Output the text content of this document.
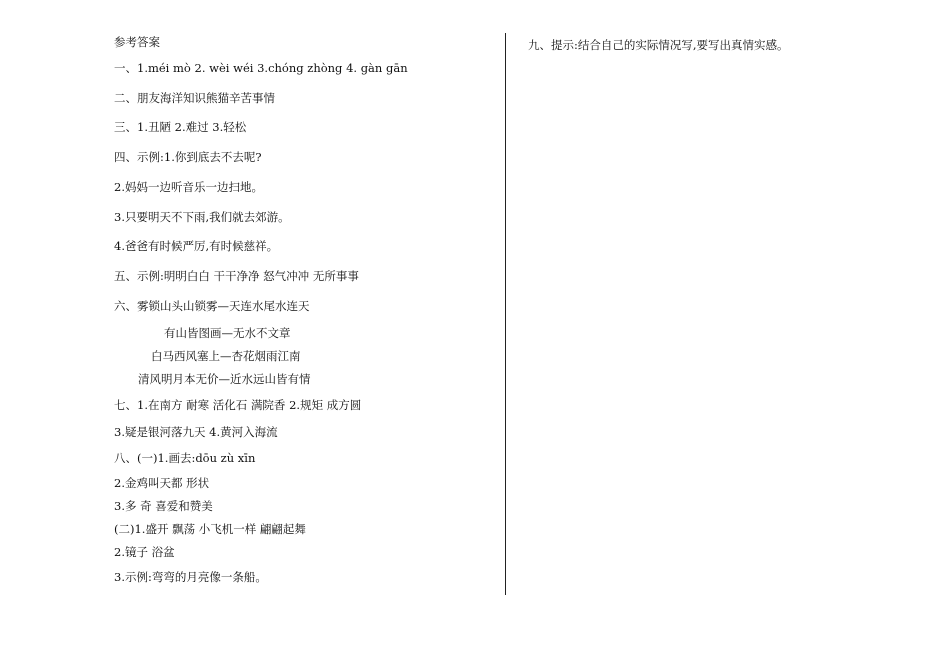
参考答案
一、1.méi mò 2. wèi wéi 3.chóng zhòng 4. gàn gān
二、朋友海洋知识熊猫辛苦事情
三、1.丑陋 2.难过 3.轻松
四、示例:1.你到底去不去呢?
2.妈妈一边听音乐一边扫地。
3.只要明天不下雨,我们就去郊游。
4.爸爸有时候严厉,有时候慈祥。
五、示例:明明白白 干干净净 怒气冲冲 无所事事
六、雾锁山头山锁雾—天连水尾水连天
有山皆图画—无水不文章
白马西风塞上—杏花烟雨江南
清风明月本无价—近水远山皆有情
七、1.在南方 耐寒 活化石 满院香 2.规矩 成方圆
3.疑是银河落九天 4.黄河入海流
八、(一)1.画去:dōu zù xīn
2.金鸡叫天都 形状
3.多 奇 喜爱和赞美
(二)1.盛开 飘荡 小飞机一样 翩翩起舞
2.镜子 浴盆
3.示例:弯弯的月亮像一条船。
九、提示:结合自己的实际情况写,要写出真情实感。
